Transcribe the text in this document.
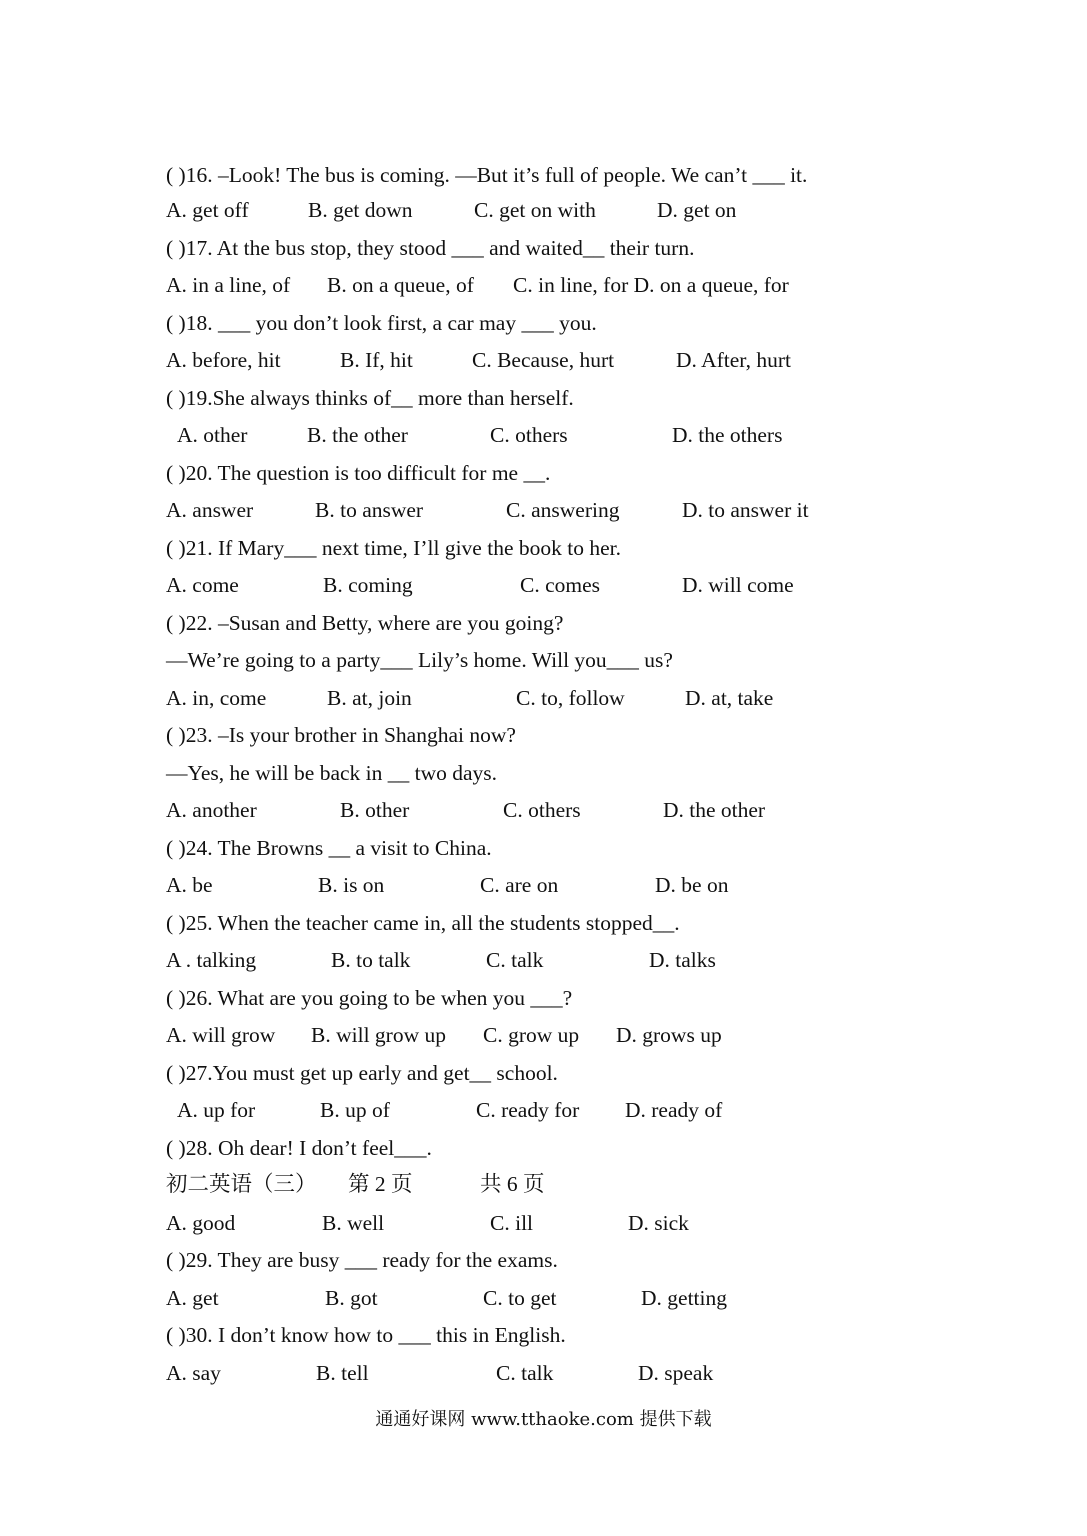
通通好课网 www.tthaoke.com 提供下载
( )16. –Look! The bus is coming. —But it’s full of people. We can’t ___ it.
A. get off	B. get down	C. get on with	D. get on
( )17. At the bus stop, they stood ___ and waited__ their turn.
A. in a line, of B. on a queue, of C. in line, for D. on a queue, for
( )18. ___ you don’t look first, a car may ___ you.
A. before, hit	B. If, hit	C. Because, hurt	D. After, hurt
( )19.She always thinks of__ more than herself.
A. other	B. the other	C. others	D. the others
( )20. The question is too difficult for me __.
A. answer	B. to answer	C. answering	D. to answer it
( )21. If Mary___ next time, I’ll give the book to her.
A. come	B. coming	C. comes	D. will come
( )22. –Susan and Betty, where are you going?
—We’re going to a party___ Lily’s home. Will you___ us?
A. in, come	B. at, join	C. to, follow	D. at, take
( )23. –Is your brother in Shanghai now?
—Yes, he will be back in __ two days.
A. another	B. other	C. others	D. the other
( )24. The Browns __ a visit to China.
A. be	B. is on	C. are on	D. be on
( )25. When the teacher came in, all the students stopped__.
A . talking	B. to talk	C. talk	D. talks
( )26. What are you going to be when you ___?
A. will grow B. will grow up C. grow up D. grows up
( )27.You must get up early and get__ school.
A. up for	B. up of	C. ready for D. ready of
( )28. Oh dear! I don’t feel___.
初二英语（三） 第 2 页	共 6 页
A. good	B. well	C. ill	D. sick
( )29. They are busy ___ ready for the exams.
A. get	B. got	C. to get	D. getting
( )30. I don’t know how to ___ this in English.
A. say	B. tell	C. talk	D. speak
